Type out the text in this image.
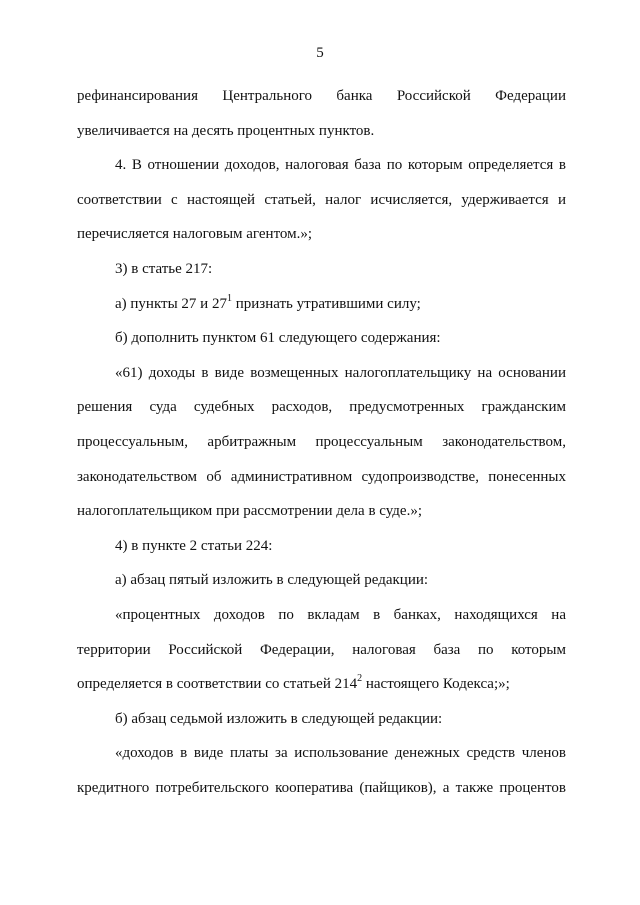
5

рефинансирования Центрального банка Российской Федерации увеличивается на десять процентных пунктов.

4. В отношении доходов, налоговая база по которым определяется в соответствии с настоящей статьей, налог исчисляется, удерживается и перечисляется налоговым агентом.»;

3) в статье 217:

а) пункты 27 и $27^1$ признать утратившими силу;

б) дополнить пунктом 61 следующего содержания:

«61) доходы в виде возмещенных налогоплательщику на основании решения суда судебных расходов, предусмотренных гражданским процессуальным, арбитражным процессуальным законодательством, законодательством об административном судопроизводстве, понесенных налогоплательщиком при рассмотрении дела в суде.»;

4) в пункте 2 статьи 224:

а) абзац пятый изложить в следующей редакции:

«процентных доходов по вкладам в банках, находящихся на территории Российской Федерации, налоговая база по которым определяется в соответствии со статьей $214^2$ настоящего Кодекса;»;

б) абзац седьмой изложить в следующей редакции:

«доходов в виде платы за использование денежных средств членов кредитного потребительского кооператива (пайщиков), а также процентов
